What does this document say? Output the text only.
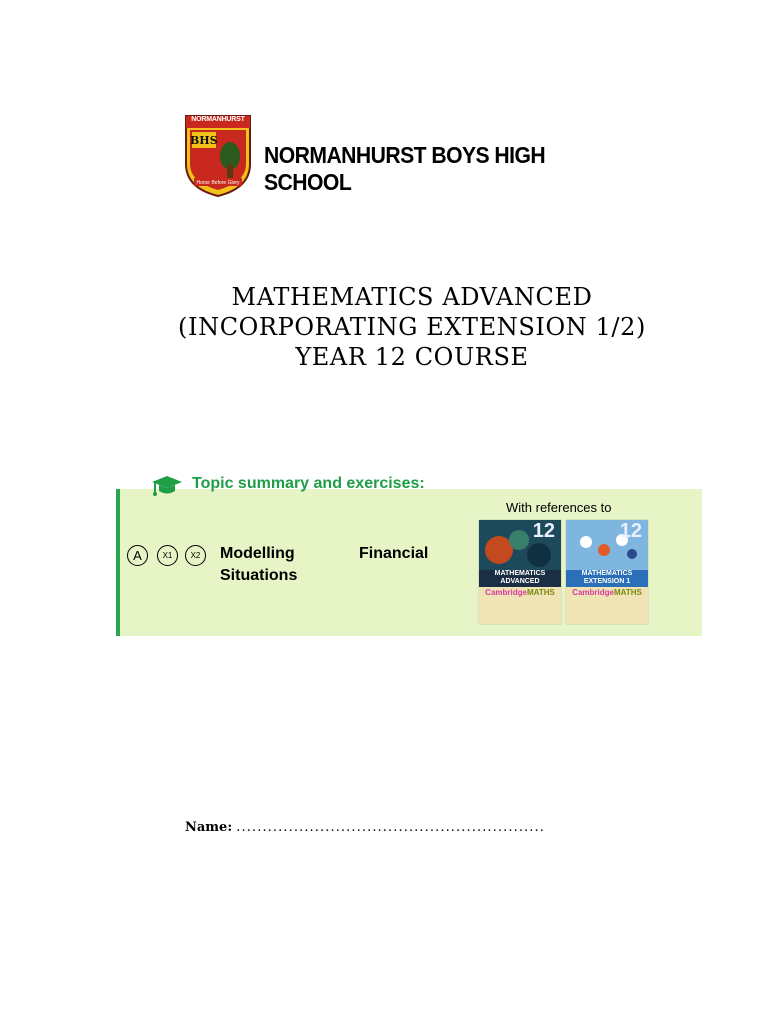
NORMANHURST
BHS
Honor Before Glory
NORMANHURST BOYS HIGH SCHOOL
MATHEMATICS ADVANCED
(INCORPORATING EXTENSION 1/2)
YEAR 12 COURSE
Topic summary and exercises:
With references to
A	X1	X2	Modelling	Financial
Situations
12
MATHEMATICS
ADVANCED
CambridgeMATHS
12
MATHEMATICS
EXTENSION 1
CambridgeMATHS
Name: ...........................................................
